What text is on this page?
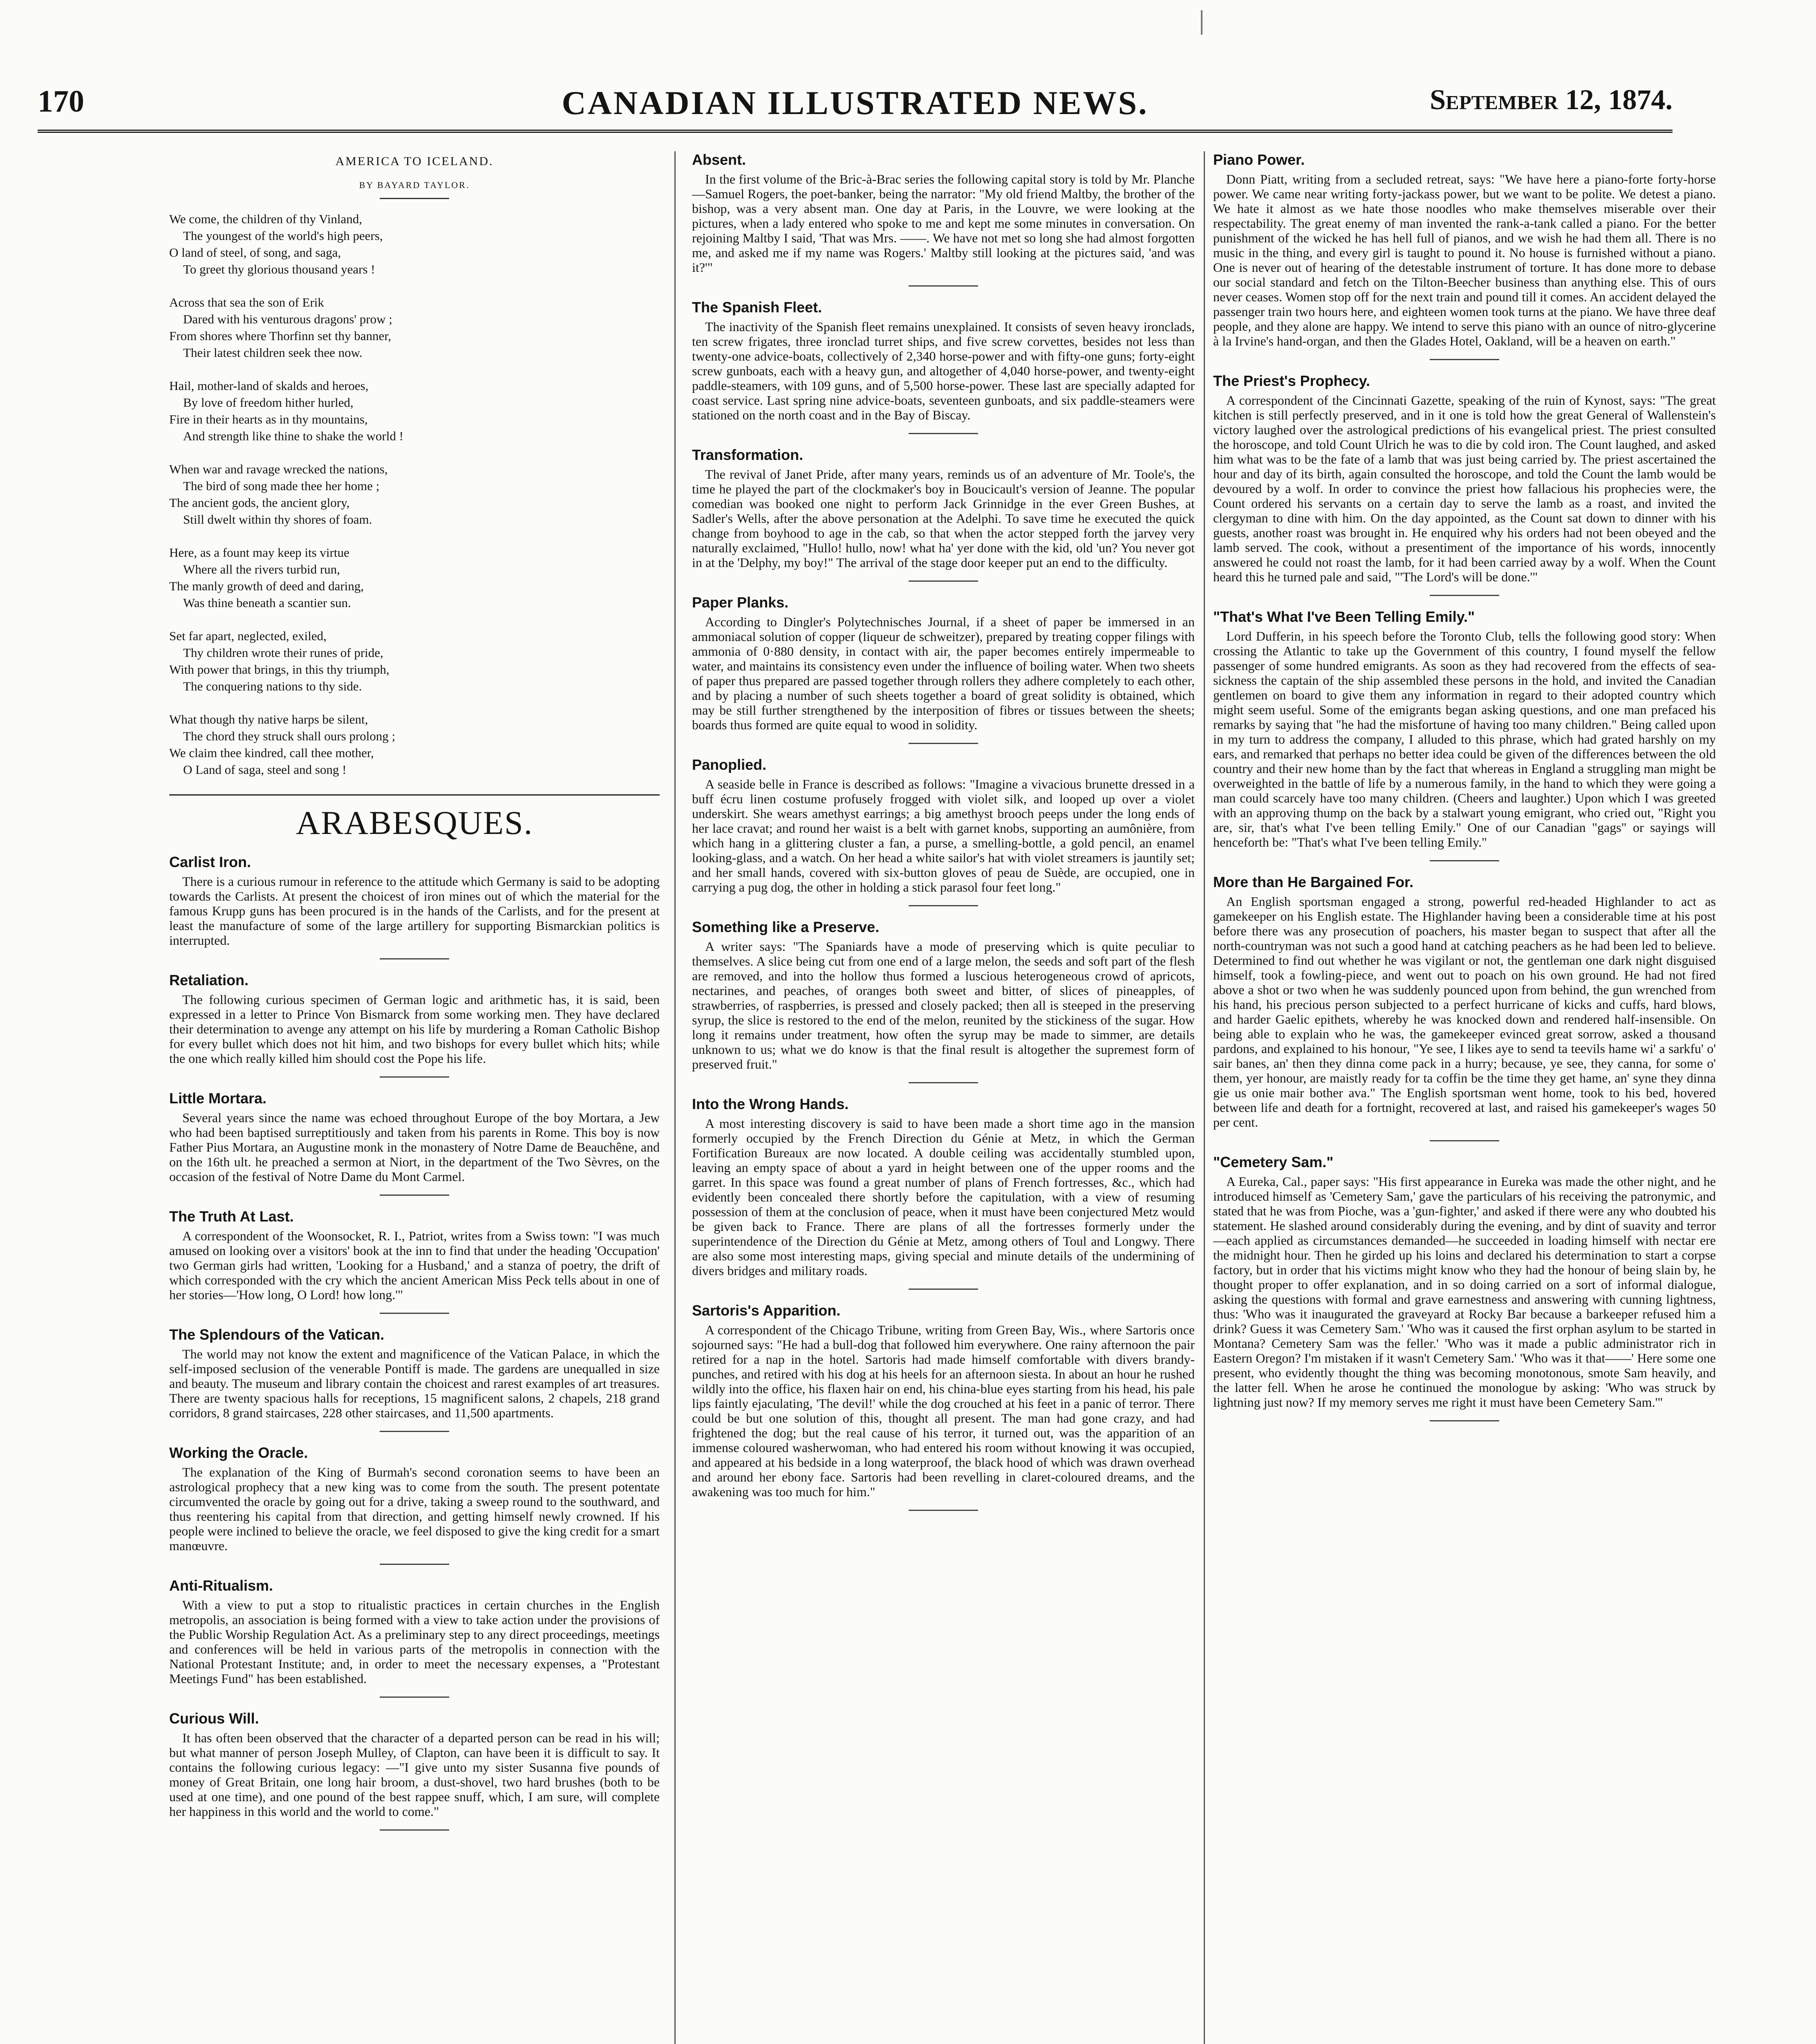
170	CANADIAN ILLUSTRATED NEWS.	September 12, 1874.
AMERICA TO ICELAND.
BY BAYARD TAYLOR.
We come, the children of thy Vinland,
The youngest of the world's high peers,
O land of steel, of song, and saga,
To greet thy glorious thousand years !
Across that sea the son of Erik
Dared with his venturous dragons' prow ;
From shores where Thorfinn set thy banner,
Their latest children seek thee now.
Hail, mother-land of skalds and heroes,
By love of freedom hither hurled,
Fire in their hearts as in thy mountains,
And strength like thine to shake the world !
When war and ravage wrecked the nations,
The bird of song made thee her home ;
The ancient gods, the ancient glory,
Still dwelt within thy shores of foam.
Here, as a fount may keep its virtue
Where all the rivers turbid run,
The manly growth of deed and daring,
Was thine beneath a scantier sun.
Set far apart, neglected, exiled,
Thy children wrote their runes of pride,
With power that brings, in this thy triumph,
The conquering nations to thy side.
What though thy native harps be silent,
The chord they struck shall ours prolong ;
We claim thee kindred, call thee mother,
O Land of saga, steel and song !
ARABESQUES.
Carlist Iron.

There is a curious rumour in reference to the attitude which Germany is said to be adopting towards the Carlists. At present the choicest of iron mines out of which the material for the famous Krupp guns has been procured is in the hands of the Carlists, and for the present at least the manufacture of some of the large artillery for supporting Bismarckian politics is interrupted.

Retaliation.

The following curious specimen of German logic and arithmetic has, it is said, been expressed in a letter to Prince Von Bismarck from some working men. They have declared their determination to avenge any attempt on his life by murdering a Roman Catholic Bishop for every bullet which does not hit him, and two bishops for every bullet which hits; while the one which really killed him should cost the Pope his life.

Little Mortara.

Several years since the name was echoed throughout Europe of the boy Mortara, a Jew who had been baptised surreptitiously and taken from his parents in Rome. This boy is now Father Pius Mortara, an Augustine monk in the monastery of Notre Dame de Beauchêne, and on the 16th ult. he preached a sermon at Niort, in the department of the Two Sèvres, on the occasion of the festival of Notre Dame du Mont Carmel.

The Truth At Last.

A correspondent of the Woonsocket, R. I., Patriot, writes from a Swiss town: "I was much amused on looking over a visitors' book at the inn to find that under the heading 'Occupation' two German girls had written, 'Looking for a Husband,' and a stanza of poetry, the drift of which corresponded with the cry which the ancient American Miss Peck tells about in one of her stories—'How long, O Lord! how long.'"

The Splendours of the Vatican.

The world may not know the extent and magnificence of the Vatican Palace, in which the self-imposed seclusion of the venerable Pontiff is made. The gardens are unequalled in size and beauty. The museum and library contain the choicest and rarest examples of art treasures. There are twenty spacious halls for receptions, 15 magnificent salons, 2 chapels, 218 grand corridors, 8 grand staircases, 228 other staircases, and 11,500 apartments.

Working the Oracle.

The explanation of the King of Burmah's second coronation seems to have been an astrological prophecy that a new king was to come from the south. The present potentate circumvented the oracle by going out for a drive, taking a sweep round to the southward, and thus reentering his capital from that direction, and getting himself newly crowned. If his people were inclined to believe the oracle, we feel disposed to give the king credit for a smart manœuvre.

Anti-Ritualism.

With a view to put a stop to ritualistic practices in certain churches in the English metropolis, an association is being formed with a view to take action under the provisions of the Public Worship Regulation Act. As a preliminary step to any direct proceedings, meetings and conferences will be held in various parts of the metropolis in connection with the National Protestant Institute; and, in order to meet the necessary expenses, a "Protestant Meetings Fund" has been established.

Curious Will.

It has often been observed that the character of a departed person can be read in his will; but what manner of person Joseph Mulley, of Clapton, can have been it is difficult to say. It contains the following curious legacy: —"I give unto my sister Susanna five pounds of money of Great Britain, one long hair broom, a dust-shovel, two hard brushes (both to be used at one time), and one pound of the best rappee snuff, which, I am sure, will complete her happiness in this world and the world to come."

Absent.

In the first volume of the Bric-à-Brac series the following capital story is told by Mr. Planche—Samuel Rogers, the poet-banker, being the narrator: "My old friend Maltby, the brother of the bishop, was a very absent man. One day at Paris, in the Louvre, we were looking at the pictures, when a lady entered who spoke to me and kept me some minutes in conversation. On rejoining Maltby I said, 'That was Mrs. ——. We have not met so long she had almost forgotten me, and asked me if my name was Rogers.' Maltby still looking at the pictures said, 'and was it?'"

The Spanish Fleet.

The inactivity of the Spanish fleet remains unexplained. It consists of seven heavy ironclads, ten screw frigates, three ironclad turret ships, and five screw corvettes, besides not less than twenty-one advice-boats, collectively of 2,340 horse-power and with fifty-one guns; forty-eight screw gunboats, each with a heavy gun, and altogether of 4,040 horse-power, and twenty-eight paddle-steamers, with 109 guns, and of 5,500 horse-power. These last are specially adapted for coast service. Last spring nine advice-boats, seventeen gunboats, and six paddle-steamers were stationed on the north coast and in the Bay of Biscay.

Transformation.

The revival of Janet Pride, after many years, reminds us of an adventure of Mr. Toole's, the time he played the part of the clockmaker's boy in Boucicault's version of Jeanne. The popular comedian was booked one night to perform Jack Grinnidge in the ever Green Bushes, at Sadler's Wells, after the above personation at the Adelphi. To save time he executed the quick change from boyhood to age in the cab, so that when the actor stepped forth the jarvey very naturally exclaimed, "Hullo! hullo, now! what ha' yer done with the kid, old 'un? You never got in at the 'Delphy, my boy!" The arrival of the stage door keeper put an end to the difficulty.

Paper Planks.

According to Dingler's Polytechnisches Journal, if a sheet of paper be immersed in an ammoniacal solution of copper (liqueur de schweitzer), prepared by treating copper filings with ammonia of 0·880 density, in contact with air, the paper becomes entirely impermeable to water, and maintains its consistency even under the influence of boiling water. When two sheets of paper thus prepared are passed together through rollers they adhere completely to each other, and by placing a number of such sheets together a board of great solidity is obtained, which may be still further strengthened by the interposition of fibres or tissues between the sheets; boards thus formed are quite equal to wood in solidity.

Panoplied.

A seaside belle in France is described as follows: "Imagine a vivacious brunette dressed in a buff écru linen costume profusely frogged with violet silk, and looped up over a violet underskirt. She wears amethyst earrings; a big amethyst brooch peeps under the long ends of her lace cravat; and round her waist is a belt with garnet knobs, supporting an aumônière, from which hang in a glittering cluster a fan, a purse, a smelling-bottle, a gold pencil, an enamel looking-glass, and a watch. On her head a white sailor's hat with violet streamers is jauntily set; and her small hands, covered with six-button gloves of peau de Suède, are occupied, one in carrying a pug dog, the other in holding a stick parasol four feet long."

Something like a Preserve.

A writer says: "The Spaniards have a mode of preserving which is quite peculiar to themselves. A slice being cut from one end of a large melon, the seeds and soft part of the flesh are removed, and into the hollow thus formed a luscious heterogeneous crowd of apricots, nectarines, and peaches, of oranges both sweet and bitter, of slices of pineapples, of strawberries, of raspberries, is pressed and closely packed; then all is steeped in the preserving syrup, the slice is restored to the end of the melon, reunited by the stickiness of the sugar. How long it remains under treatment, how often the syrup may be made to simmer, are details unknown to us; what we do know is that the final result is altogether the supremest form of preserved fruit."

Into the Wrong Hands.

A most interesting discovery is said to have been made a short time ago in the mansion formerly occupied by the French Direction du Génie at Metz, in which the German Fortification Bureaux are now located. A double ceiling was accidentally stumbled upon, leaving an empty space of about a yard in height between one of the upper rooms and the garret. In this space was found a great number of plans of French fortresses, &c., which had evidently been concealed there shortly before the capitulation, with a view of resuming possession of them at the conclusion of peace, when it must have been conjectured Metz would be given back to France. There are plans of all the fortresses formerly under the superintendence of the Direction du Génie at Metz, among others of Toul and Longwy. There are also some most interesting maps, giving special and minute details of the undermining of divers bridges and military roads.

Sartoris's Apparition.

A correspondent of the Chicago Tribune, writing from Green Bay, Wis., where Sartoris once sojourned says: "He had a bull-dog that followed him everywhere. One rainy afternoon the pair retired for a nap in the hotel. Sartoris had made himself comfortable with divers brandy-punches, and retired with his dog at his heels for an afternoon siesta. In about an hour he rushed wildly into the office, his flaxen hair on end, his china-blue eyes starting from his head, his pale lips faintly ejaculating, 'The devil!' while the dog crouched at his feet in a panic of terror. There could be but one solution of this, thought all present. The man had gone crazy, and had frightened the dog; but the real cause of his terror, it turned out, was the apparition of an immense coloured washerwoman, who had entered his room without knowing it was occupied, and appeared at his bedside in a long waterproof, the black hood of which was drawn overhead and around her ebony face. Sartoris had been revelling in claret-coloured dreams, and the awakening was too much for him."

Piano Power.

Donn Piatt, writing from a secluded retreat, says: "We have here a piano-forte forty-horse power. We came near writing forty-jackass power, but we want to be polite. We detest a piano. We hate it almost as we hate those noodles who make themselves miserable over their respectability. The great enemy of man invented the rank-a-tank called a piano. For the better punishment of the wicked he has hell full of pianos, and we wish he had them all. There is no music in the thing, and every girl is taught to pound it. No house is furnished without a piano. One is never out of hearing of the detestable instrument of torture. It has done more to debase our social standard and fetch on the Tilton-Beecher business than anything else. This of ours never ceases. Women stop off for the next train and pound till it comes. An accident delayed the passenger train two hours here, and eighteen women took turns at the piano. We have three deaf people, and they alone are happy. We intend to serve this piano with an ounce of nitro-glycerine à la Irvine's hand-organ, and then the Glades Hotel, Oakland, will be a heaven on earth."

The Priest's Prophecy.

A correspondent of the Cincinnati Gazette, speaking of the ruin of Kynost, says: "The great kitchen is still perfectly preserved, and in it one is told how the great General of Wallenstein's victory laughed over the astrological predictions of his evangelical priest. The priest consulted the horoscope, and told Count Ulrich he was to die by cold iron. The Count laughed, and asked him what was to be the fate of a lamb that was just being carried by. The priest ascertained the hour and day of its birth, again consulted the horoscope, and told the Count the lamb would be devoured by a wolf. In order to convince the priest how fallacious his prophecies were, the Count ordered his servants on a certain day to serve the lamb as a roast, and invited the clergyman to dine with him. On the day appointed, as the Count sat down to dinner with his guests, another roast was brought in. He enquired why his orders had not been obeyed and the lamb served. The cook, without a presentiment of the importance of his words, innocently answered he could not roast the lamb, for it had been carried away by a wolf. When the Count heard this he turned pale and said, "'The Lord's will be done.'"

"That's What I've Been Telling Emily."

Lord Dufferin, in his speech before the Toronto Club, tells the following good story: When crossing the Atlantic to take up the Government of this country, I found myself the fellow passenger of some hundred emigrants. As soon as they had recovered from the effects of sea-sickness the captain of the ship assembled these persons in the hold, and invited the Canadian gentlemen on board to give them any information in regard to their adopted country which might seem useful. Some of the emigrants began asking questions, and one man prefaced his remarks by saying that "he had the misfortune of having too many children." Being called upon in my turn to address the company, I alluded to this phrase, which had grated harshly on my ears, and remarked that perhaps no better idea could be given of the differences between the old country and their new home than by the fact that whereas in England a struggling man might be overweighted in the battle of life by a numerous family, in the hand to which they were going a man could scarcely have too many children. (Cheers and laughter.) Upon which I was greeted with an approving thump on the back by a stalwart young emigrant, who cried out, "Right you are, sir, that's what I've been telling Emily." One of our Canadian "gags" or sayings will henceforth be: "That's what I've been telling Emily."

More than He Bargained For.

An English sportsman engaged a strong, powerful red-headed Highlander to act as gamekeeper on his English estate. The Highlander having been a considerable time at his post before there was any prosecution of poachers, his master began to suspect that after all the north-countryman was not such a good hand at catching peachers as he had been led to believe. Determined to find out whether he was vigilant or not, the gentleman one dark night disguised himself, took a fowling-piece, and went out to poach on his own ground. He had not fired above a shot or two when he was suddenly pounced upon from behind, the gun wrenched from his hand, his precious person subjected to a perfect hurricane of kicks and cuffs, hard blows, and harder Gaelic epithets, whereby he was knocked down and rendered half-insensible. On being able to explain who he was, the gamekeeper evinced great sorrow, asked a thousand pardons, and explained to his honour, "Ye see, I likes aye to send ta teevils hame wi' a sarkfu' o' sair banes, an' then they dinna come pack in a hurry; because, ye see, they canna, for some o' them, yer honour, are maistly ready for ta coffin be the time they get hame, an' syne they dinna gie us onie mair bother ava." The English sportsman went home, took to his bed, hovered between life and death for a fortnight, recovered at last, and raised his gamekeeper's wages 50 per cent.

"Cemetery Sam."

A Eureka, Cal., paper says: "His first appearance in Eureka was made the other night, and he introduced himself as 'Cemetery Sam,' gave the particulars of his receiving the patronymic, and stated that he was from Pioche, was a 'gun-fighter,' and asked if there were any who doubted his statement. He slashed around considerably during the evening, and by dint of suavity and terror—each applied as circumstances demanded—he succeeded in loading himself with nectar ere the midnight hour. Then he girded up his loins and declared his determination to start a corpse factory, but in order that his victims might know who they had the honour of being slain by, he thought proper to offer explanation, and in so doing carried on a sort of informal dialogue, asking the questions with formal and grave earnestness and answering with cunning lightness, thus: 'Who was it inaugurated the graveyard at Rocky Bar because a barkeeper refused him a drink? Guess it was Cemetery Sam.' 'Who was it caused the first orphan asylum to be started in Montana? Cemetery Sam was the feller.' 'Who was it made a public administrator rich in Eastern Oregon? I'm mistaken if it wasn't Cemetery Sam.' 'Who was it that——' Here some one present, who evidently thought the thing was becoming monotonous, smote Sam heavily, and the latter fell. When he arose he continued the monologue by asking: 'Who was struck by lightning just now? If my memory serves me right it must have been Cemetery Sam.'"
